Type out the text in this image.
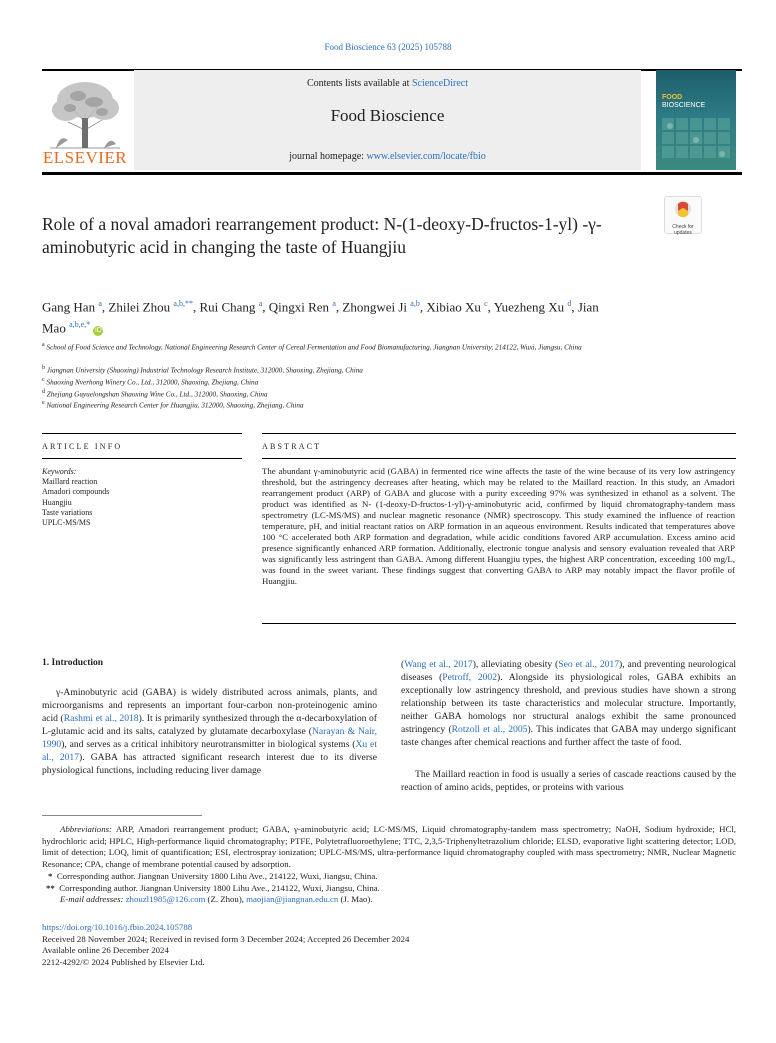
Food Bioscience 63 (2025) 105788
ELSEVIER
Contents lists available at ScienceDirect
Food Bioscience
journal homepage: www.elsevier.com/locate/fbio
FOOD
BIOSCIENCE
Check for updates
Role of a noval amadori rearrangement product: N-(1-deoxy-D-fructos-1-yl) -γ-aminobutyric acid in changing the taste of Huangjiu
Gang Han $^a$, Zhilei Zhou $^{a,b,**}$, Rui Chang $^a$, Qingxi Ren $^a$, Zhongwei Ji $^{a,b}$, Xibiao Xu $^c$, Yuezheng Xu $^d$, Jian Mao $^{a,b,e,*}$ iD
$^a$ School of Food Science and Technology, National Engineering Research Center of Cereal Fermentation and Food Biomanufacturing, Jiangnan University, 214122, Wuxi, Jiangsu, China
$^b$ Jiangnan University (Shaoxing) Industrial Technology Research Institute, 312000, Shaoxing, Zhejiang, China
$^c$ Shaoxing Nverhong Winery Co., Ltd., 312000, Shaoxing, Zhejiang, China
$^d$ Zhejiang Guyuelongshan Shaoxing Wine Co., Ltd., 312000, Shaoxing, China
$^e$ National Engineering Research Center for Huangjiu, 312000, Shaoxing, Zhejiang, China
ARTICLE INFO	ABSTRACT
Keywords:
Maillard reaction
Amadori compounds
Huangjiu
Taste variations
UPLC-MS/MS
The abundant γ-aminobutyric acid (GABA) in fermented rice wine affects the taste of the wine because of its very low astringency threshold, but the astringency decreases after heating, which may be related to the Maillard reaction. In this study, an Amadori rearrangement product (ARP) of GABA and glucose with a purity exceeding 97% was synthesized in ethanol as a solvent. The product was identified as N- (1-deoxy-D-fructos-1-yl)-γ-aminobutyric acid, confirmed by liquid chromatography-tandem mass spectrometry (LC-MS/MS) and nuclear magnetic resonance (NMR) spectroscopy. This study examined the influence of reaction temperature, pH, and initial reactant ratios on ARP formation in an aqueous environment. Results indicated that temperatures above 100 °C accelerated both ARP formation and degradation, while acidic conditions favored ARP accumulation. Excess amino acid presence significantly enhanced ARP formation. Additionally, electronic tongue analysis and sensory evaluation revealed that ARP was significantly less astringent than GABA. Among different Huangjiu types, the highest ARP concentration, exceeding 100 mg/L, was found in the sweet variant. These findings suggest that converting GABA to ARP may notably impact the flavor profile of Huangjiu.
1. Introduction
γ-Aminobutyric acid (GABA) is widely distributed across animals, plants, and microorganisms and represents an important four-carbon non-proteinogenic amino acid (Rashmi et al., 2018). It is primarily synthesized through the α-decarboxylation of L-glutamic acid and its salts, catalyzed by glutamate decarboxylase (Narayan & Nair, 1990), and serves as a critical inhibitory neurotransmitter in biological systems (Xu et al., 2017). GABA has attracted significant research interest due to its diverse physiological functions, including reducing liver damage
(Wang et al., 2017), alleviating obesity (Seo et al., 2017), and preventing neurological diseases (Petroff, 2002). Alongside its physiological roles, GABA exhibits an exceptionally low astringency threshold, and previous studies have shown a strong relationship between its taste characteristics and molecular structure. Importantly, neither GABA homologs nor structural analogs exhibit the same pronounced astringency (Rotzoll et al., 2005). This indicates that GABA may undergo significant taste changes after chemical reactions and further affect the taste of food.
The Maillard reaction in food is usually a series of cascade reactions caused by the reaction of amino acids, peptides, or proteins with various
Abbreviations: ARP, Amadori rearrangement product; GABA, γ-aminobutyric acid; LC-MS/MS, Liquid chromatography-tandem mass spectrometry; NaOH, Sodium hydroxide; HCl, hydrochloric acid; HPLC, High-performance liquid chromatography; PTFE, Polytetrafluoroethylene; TTC, 2,3,5-Triphenyltetrazolium chloride; ELSD, evaporative light scattering detector; LOD, limit of detection; LOQ, limit of quantification; ESI, electrospray ionization; UPLC-MS/MS, ultra-performance liquid chromatography coupled with mass spectrometry; NMR, Nuclear Magnetic Resonance; CPA, change of membrane potential caused by adsorption.
* Corresponding author. Jiangnan University 1800 Lihu Ave., 214122, Wuxi, Jiangsu, China.
** Corresponding author. Jiangnan University 1800 Lihu Ave., 214122, Wuxi, Jiangsu, China.
E-mail addresses: zhouzl1985@126.com (Z. Zhou), maojian@jiangnan.edu.cn (J. Mao).
https://doi.org/10.1016/j.fbio.2024.105788
Received 28 November 2024; Received in revised form 3 December 2024; Accepted 26 December 2024
Available online 26 December 2024
2212-4292/© 2024 Published by Elsevier Ltd.
